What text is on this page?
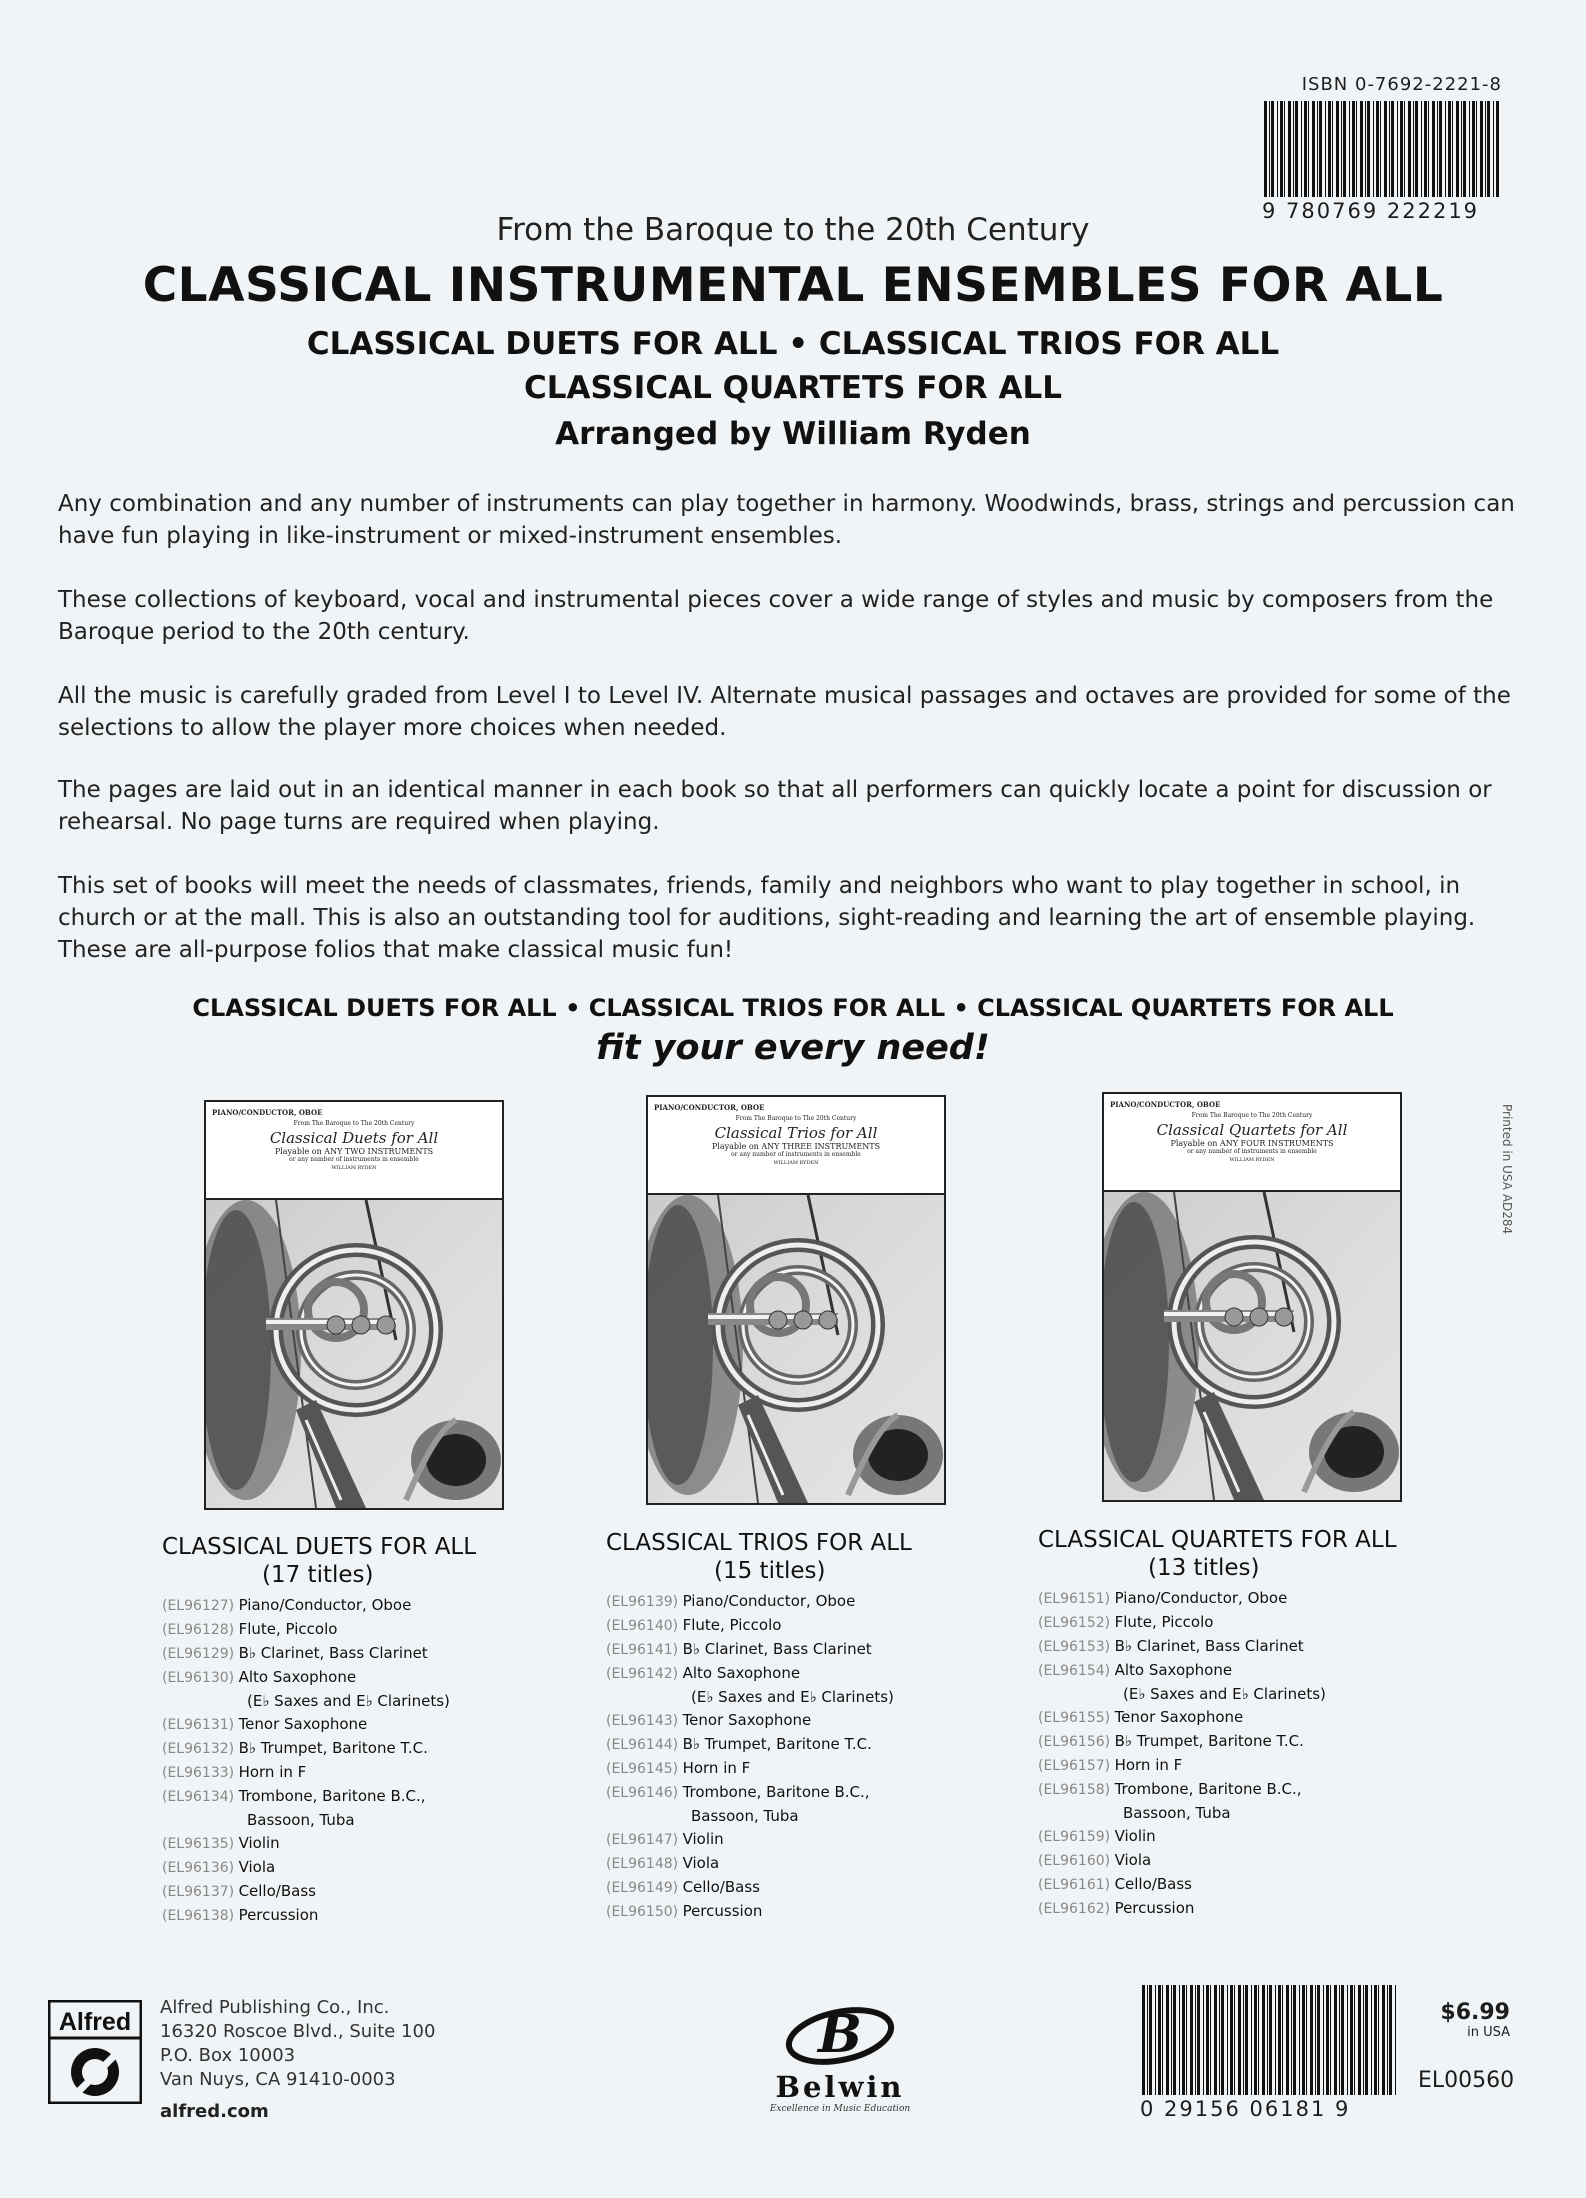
ISBN 0-7692-2221-8
9 780769 222219
From the Baroque to the 20th Century
CLASSICAL INSTRUMENTAL ENSEMBLES FOR ALL
CLASSICAL DUETS FOR ALL • CLASSICAL TRIOS FOR ALL
CLASSICAL QUARTETS FOR ALL
Arranged by William Ryden
Any combination and any number of instruments can play together in harmony. Woodwinds, brass, strings and percussion can have fun playing in like-instrument or mixed-instrument ensembles.
These collections of keyboard, vocal and instrumental pieces cover a wide range of styles and music by composers from the Baroque period to the 20th century.
All the music is carefully graded from Level I to Level IV. Alternate musical passages and octaves are provided for some of the selections to allow the player more choices when needed.
The pages are laid out in an identical manner in each book so that all performers can quickly locate a point for discussion or rehearsal. No page turns are required when playing.
This set of books will meet the needs of classmates, friends, family and neighbors who want to play together in school, in church or at the mall. This is also an outstanding tool for auditions, sight-reading and learning the art of ensemble playing. These are all-purpose folios that make classical music fun!
CLASSICAL DUETS FOR ALL • CLASSICAL TRIOS FOR ALL • CLASSICAL QUARTETS FOR ALL
fit your every need!
Printed in USA AD284
PIANO/CONDUCTOR, OBOE
From The Baroque to The 20th Century
Classical Duets for All
Playable on ANY TWO INSTRUMENTS
or any number of instruments in ensemble
WILLIAM RYDEN
PIANO/CONDUCTOR, OBOE
From The Baroque to The 20th Century
Classical Trios for All
Playable on ANY THREE INSTRUMENTS
or any number of instruments in ensemble
WILLIAM RYDEN
PIANO/CONDUCTOR, OBOE
From The Baroque to The 20th Century
Classical Quartets for All
Playable on ANY FOUR INSTRUMENTS
or any number of instruments in ensemble
WILLIAM RYDEN
CLASSICAL DUETS FOR ALL
(17 titles)
(EL96127) Piano/Conductor, Oboe
(EL96128) Flute, Piccolo
(EL96129) B♭ Clarinet, Bass Clarinet
(EL96130) Alto Saxophone
(E♭ Saxes and E♭ Clarinets)
(EL96131) Tenor Saxophone
(EL96132) B♭ Trumpet, Baritone T.C.
(EL96133) Horn in F
(EL96134) Trombone, Baritone B.C.,
Bassoon, Tuba
(EL96135) Violin
(EL96136) Viola
(EL96137) Cello/Bass
(EL96138) Percussion
CLASSICAL TRIOS FOR ALL
(15 titles)
(EL96139) Piano/Conductor, Oboe
(EL96140) Flute, Piccolo
(EL96141) B♭ Clarinet, Bass Clarinet
(EL96142) Alto Saxophone
(E♭ Saxes and E♭ Clarinets)
(EL96143) Tenor Saxophone
(EL96144) B♭ Trumpet, Baritone T.C.
(EL96145) Horn in F
(EL96146) Trombone, Baritone B.C.,
Bassoon, Tuba
(EL96147) Violin
(EL96148) Viola
(EL96149) Cello/Bass
(EL96150) Percussion
CLASSICAL QUARTETS FOR ALL
(13 titles)
(EL96151) Piano/Conductor, Oboe
(EL96152) Flute, Piccolo
(EL96153) B♭ Clarinet, Bass Clarinet
(EL96154) Alto Saxophone
(E♭ Saxes and E♭ Clarinets)
(EL96155) Tenor Saxophone
(EL96156) B♭ Trumpet, Baritone T.C.
(EL96157) Horn in F
(EL96158) Trombone, Baritone B.C.,
Bassoon, Tuba
(EL96159) Violin
(EL96160) Viola
(EL96161) Cello/Bass
(EL96162) Percussion
Alfred
Alfred Publishing Co., Inc.
16320 Roscoe Blvd., Suite 100
P.O. Box 10003
Van Nuys, CA 91410-0003
alfred.com
B
Belwin
Excellence in Music Education	0 29156 06181 9
$6.99
in USA
EL00560
